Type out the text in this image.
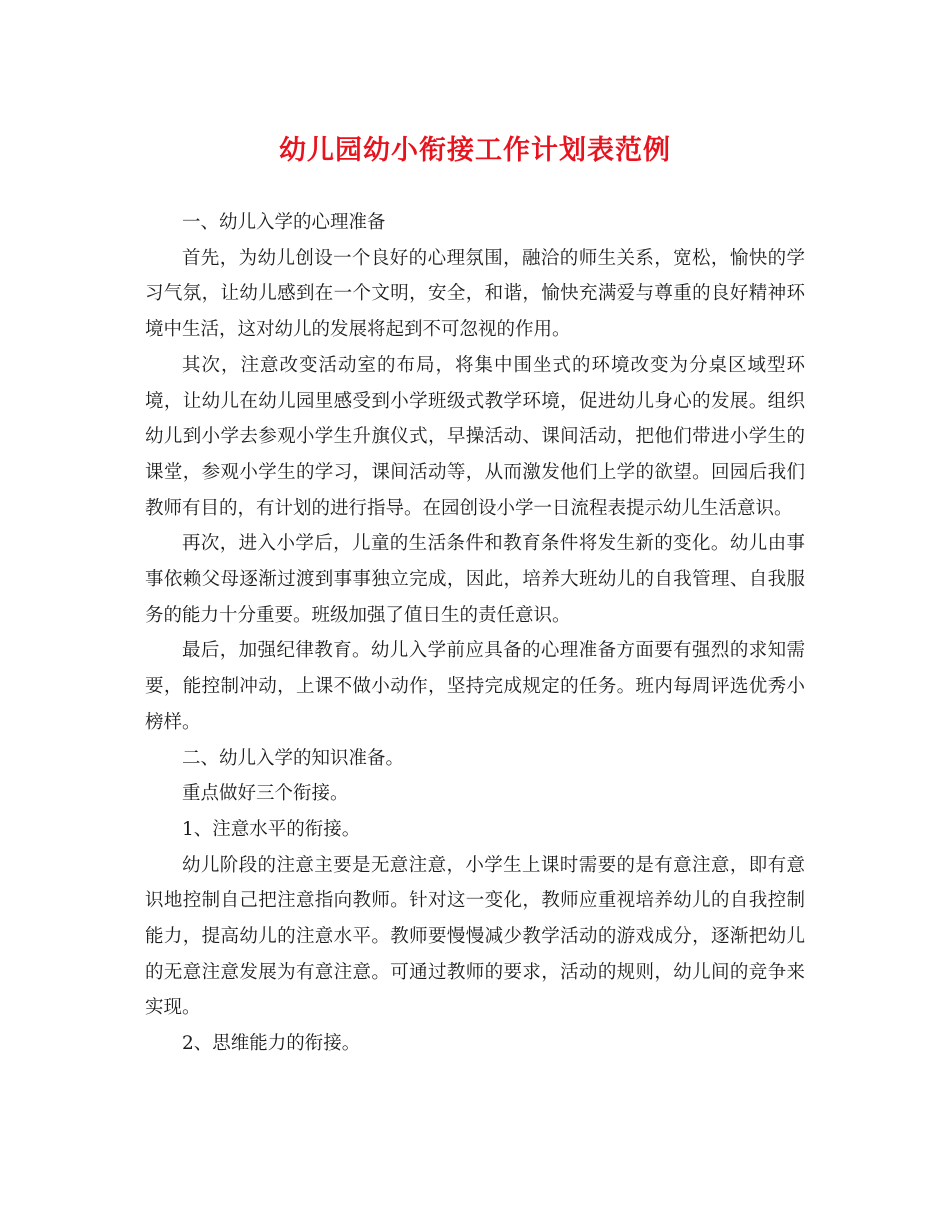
幼儿园幼小衔接工作计划表范例

一、幼儿入学的心理准备

首先，为幼儿创设一个良好的心理氛围，融洽的师生关系，宽松，愉快的学习气氛，让幼儿感到在一个文明，安全，和谐，愉快充满爱与尊重的良好精神环境中生活，这对幼儿的发展将起到不可忽视的作用。

其次，注意改变活动室的布局，将集中围坐式的环境改变为分桌区域型环境，让幼儿在幼儿园里感受到小学班级式教学环境，促进幼儿身心的发展。组织幼儿到小学去参观小学生升旗仪式，早操活动、课间活动，把他们带进小学生的课堂，参观小学生的学习，课间活动等，从而激发他们上学的欲望。回园后我们教师有目的，有计划的进行指导。在园创设小学一日流程表提示幼儿生活意识。

再次，进入小学后，儿童的生活条件和教育条件将发生新的变化。幼儿由事事依赖父母逐渐过渡到事事独立完成，因此，培养大班幼儿的自我管理、自我服务的能力十分重要。班级加强了值日生的责任意识。

最后，加强纪律教育。幼儿入学前应具备的心理准备方面要有强烈的求知需要，能控制冲动，上课不做小动作，坚持完成规定的任务。班内每周评选优秀小榜样。

二、幼儿入学的知识准备。

重点做好三个衔接。

1、注意水平的衔接。

幼儿阶段的注意主要是无意注意，小学生上课时需要的是有意注意，即有意识地控制自己把注意指向教师。针对这一变化，教师应重视培养幼儿的自我控制能力，提高幼儿的注意水平。教师要慢慢减少教学活动的游戏成分，逐渐把幼儿的无意注意发展为有意注意。可通过教师的要求，活动的规则，幼儿间的竞争来实现。

2、思维能力的衔接。
